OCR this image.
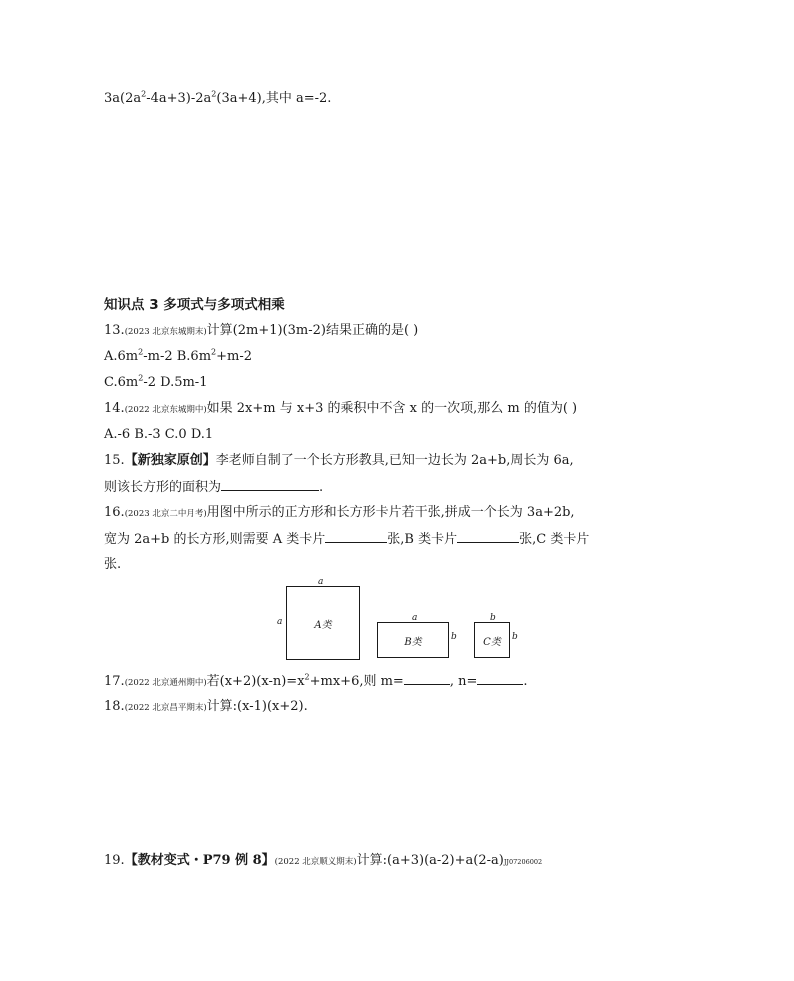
$3a(2a^2-4a+3)-2a^2(3a+4)$,其中 a=-2.
知识点 3 多项式与多项式相乘
13.(2023 北京东城期末)计算(2m+1)(3m-2)结果正确的是( )
$A.6m^2-m-2$ $B.6m^2+m-2$
$C.6m^2-2$ D.5m-1
14.(2022 北京东城期中)如果 2x+m 与 x+3 的乘积中不含 x 的一次项,那么 m 的值为( )
A.-6 B.-3 C.0 D.1
15.【新独家原创】李老师自制了一个长方形教具,已知一边长为 2a+b,周长为 6a,
则该长方形的面积为	.
16.(2023 北京二中月考)用图中所示的正方形和长方形卡片若干张,拼成一个长为 3a+2b,
宽为 2a+b 的长方形,则需要 A 类卡片	张,B 类卡片	张,C 类卡片
张.
a
a	A类
a
B类	b
b
C类	b
17.(2022 北京通州期中)若$(x+2)(x-n)=x^2+mx+6$,则 m=	, n=	.
18.(2022 北京昌平期末)计算:(x-1)(x+2).
19.【教材变式・P79 例 8】(2022 北京顺义期末)计算:(a+3)(a-2)+a(2-a)JJ07206002
